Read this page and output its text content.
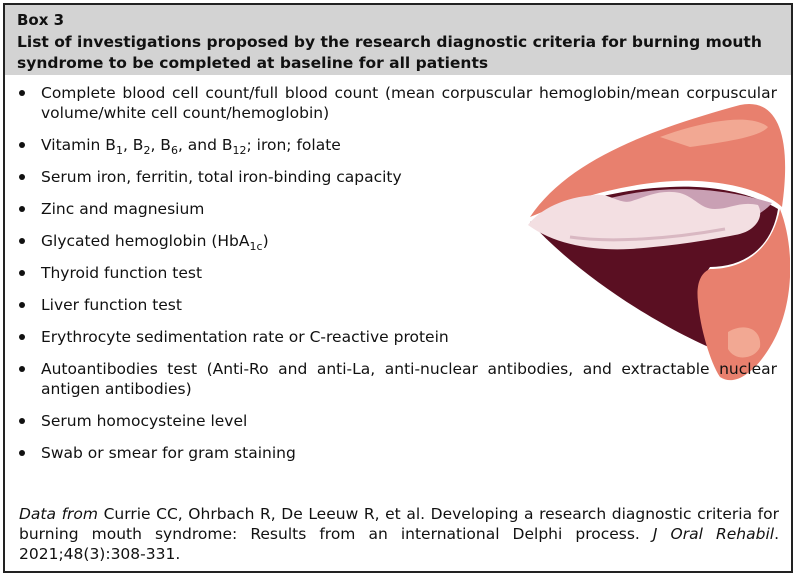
Box 3
List of investigations proposed by the research diagnostic criteria for burning mouth syndrome to be completed at baseline for all patients
Complete blood cell count/full blood count (mean corpuscular hemoglobin/mean corpuscular volume/white cell count/hemoglobin)
Vitamin $B_1$, $B_2$, $B_6$, and $B_{12}$; iron; folate
Serum iron, ferritin, total iron-binding capacity
Zinc and magnesium
Glycated hemoglobin (HbA$_{1c}$)
Thyroid function test
Liver function test
Erythrocyte sedimentation rate or C-reactive protein
Autoantibodies test (Anti-Ro and anti-La, anti-nuclear antibodies, and extractable nuclear antigen antibodies)
Serum homocysteine level
Swab or smear for gram staining
Data from Currie CC, Ohrbach R, De Leeuw R, et al. Developing a research diagnostic criteria for burning mouth syndrome: Results from an international Delphi process. J Oral Rehabil. 2021;48(3):308-331.
